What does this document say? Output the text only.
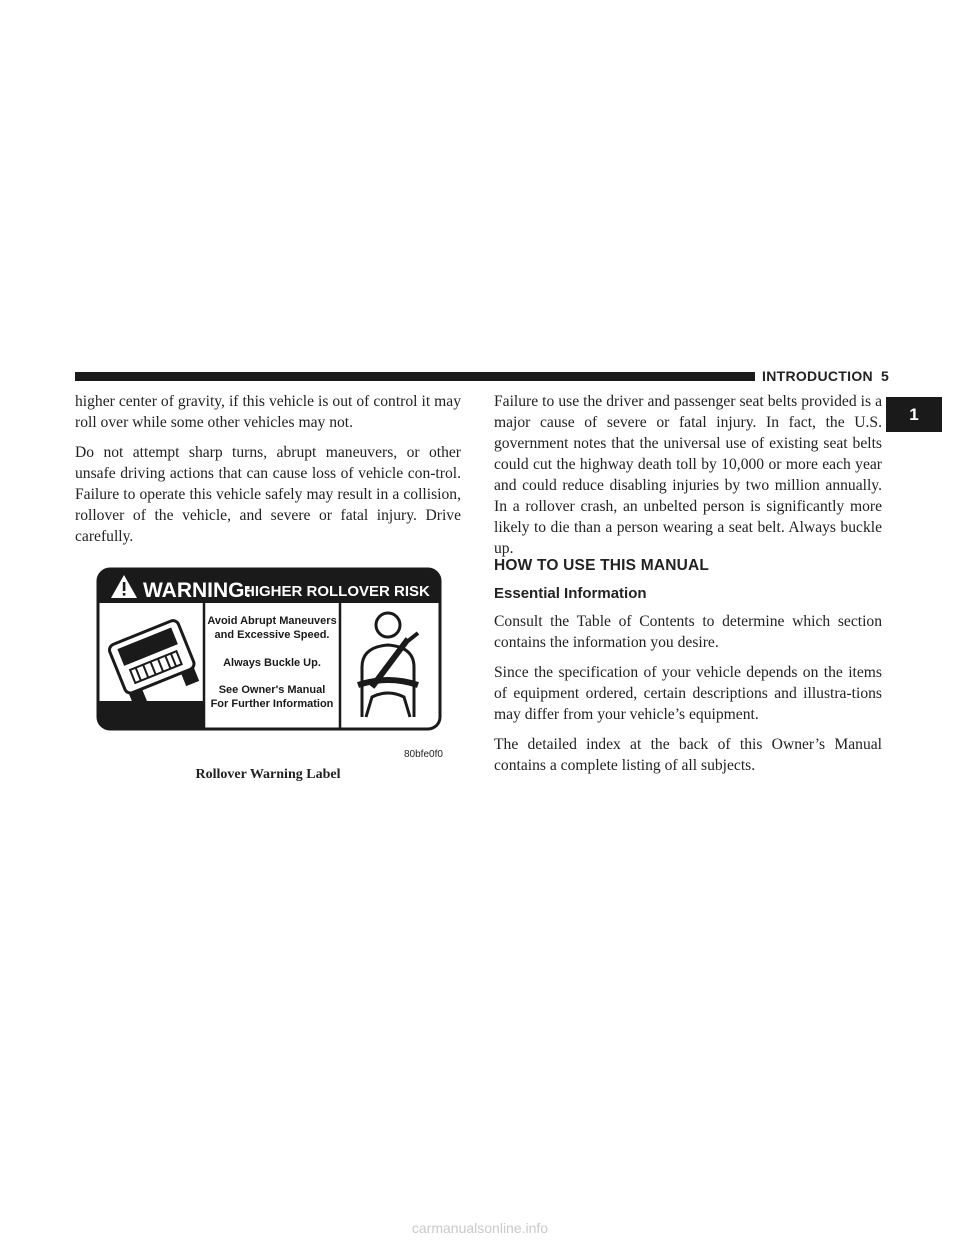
INTRODUCTION 5
1

higher center of gravity, if this vehicle is out of control it may roll over while some other vehicles may not.

Do not attempt sharp turns, abrupt maneuvers, or other unsafe driving actions that can cause loss of vehicle con-trol. Failure to operate this vehicle safely may result in a collision, rollover of the vehicle, and severe or fatal injury. Drive carefully.

WARNING:
HIGHER ROLLOVER RISK
Avoid Abrupt Maneuvers
and Excessive Speed.
Always Buckle Up.
See Owner's Manual
For Further Information
80bfe0f0
Rollover Warning Label

Failure to use the driver and passenger seat belts provided is a major cause of severe or fatal injury. In fact, the U.S. government notes that the universal use of existing seat belts could cut the highway death toll by 10,000 or more each year and could reduce disabling injuries by two million annually. In a rollover crash, an unbelted person is significantly more likely to die than a person wearing a seat belt. Always buckle up.

HOW TO USE THIS MANUAL
Essential Information

Consult the Table of Contents to determine which section contains the information you desire.

Since the specification of your vehicle depends on the items of equipment ordered, certain descriptions and illustra-tions may differ from your vehicle’s equipment.

The detailed index at the back of this Owner’s Manual contains a complete listing of all subjects.

carmanualsonline.info
